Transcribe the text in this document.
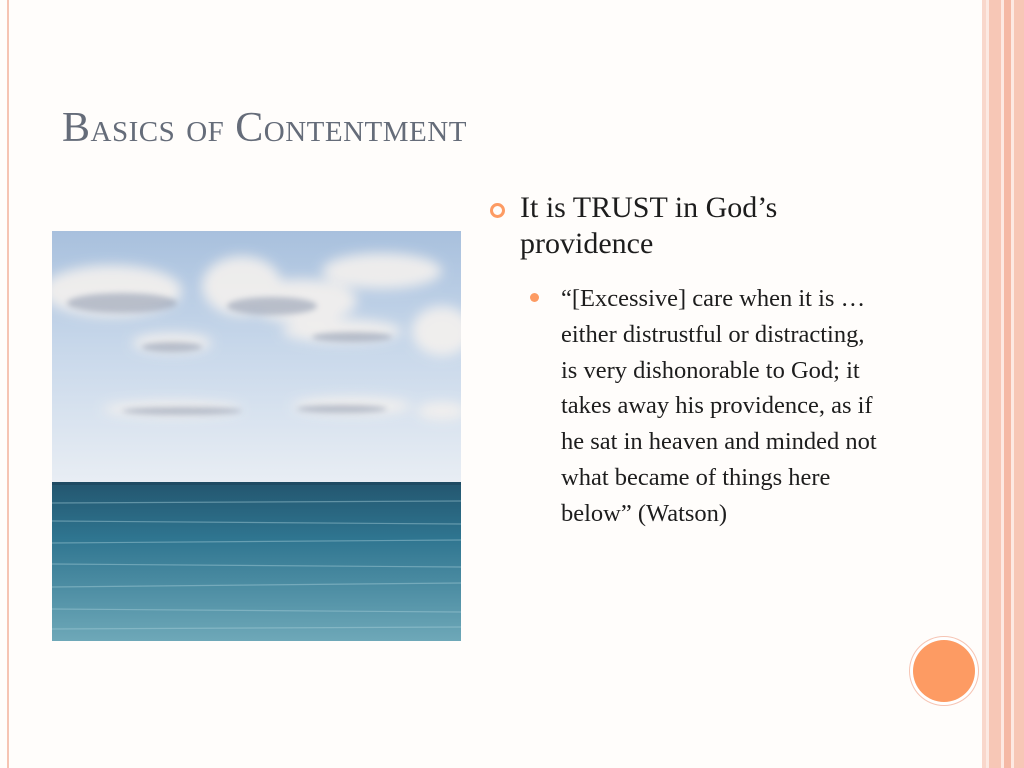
Basics of Contentment
It is TRUST in God’s providence
“[Excessive] care when it is …either distrustful or distracting, is very dishonorable to God; it takes away his providence, as if he sat in heaven and minded not what became of things here below” (Watson)
